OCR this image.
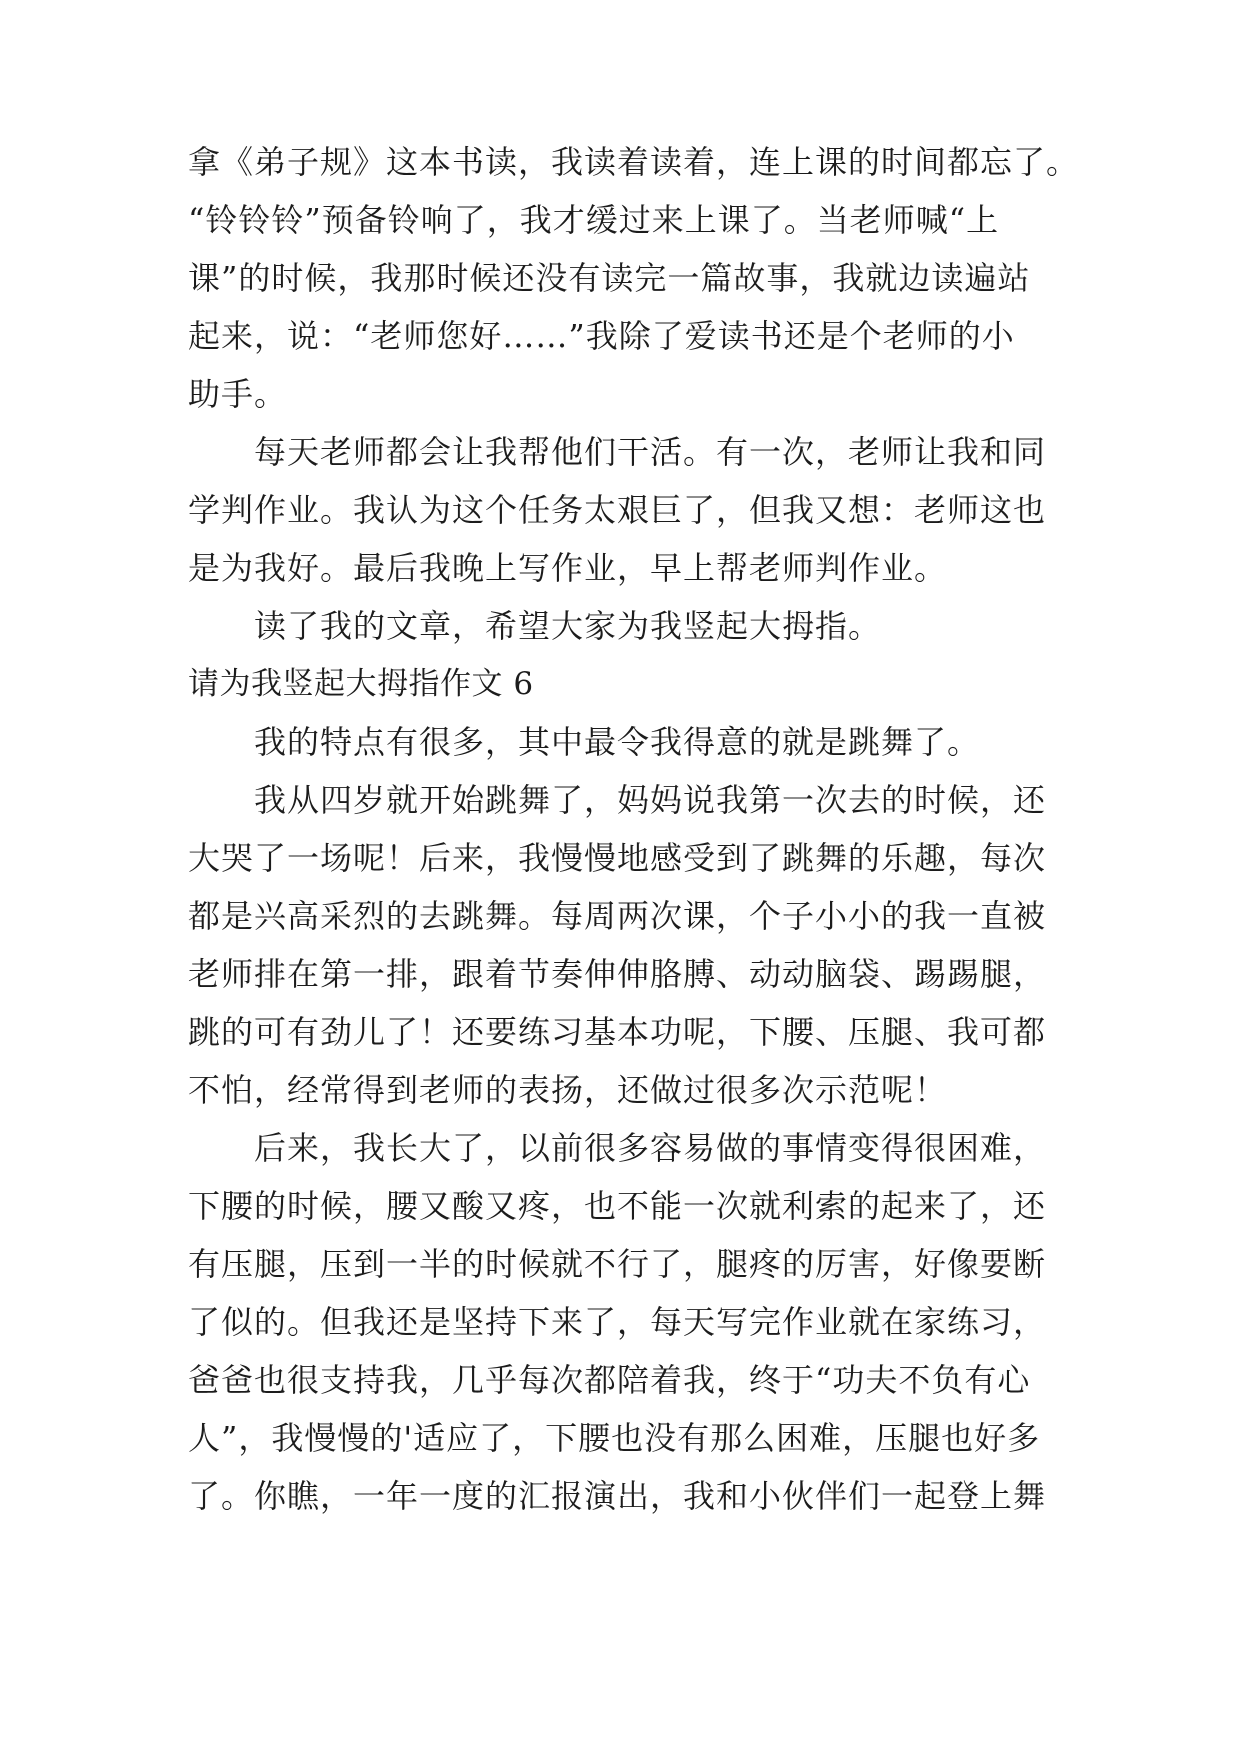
拿《弟子规》这本书读，我读着读着，连上课的时间都忘了。
“铃铃铃”预备铃响了，我才缓过来上课了。当老师喊“上
课”的时候，我那时候还没有读完一篇故事，我就边读遍站
起来，说：“老师您好……”我除了爱读书还是个老师的小
助手。
　　每天老师都会让我帮他们干活。有一次，老师让我和同
学判作业。我认为这个任务太艰巨了，但我又想：老师这也
是为我好。最后我晚上写作业，早上帮老师判作业。
　　读了我的文章，希望大家为我竖起大拇指。
请为我竖起大拇指作文 6
　　我的特点有很多，其中最令我得意的就是跳舞了。
　　我从四岁就开始跳舞了，妈妈说我第一次去的时候，还
大哭了一场呢！后来，我慢慢地感受到了跳舞的乐趣，每次
都是兴高采烈的去跳舞。每周两次课，个子小小的我一直被
老师排在第一排，跟着节奏伸伸胳膊、动动脑袋、踢踢腿，
跳的可有劲儿了！还要练习基本功呢，下腰、压腿、我可都
不怕，经常得到老师的表扬，还做过很多次示范呢！
　　后来，我长大了，以前很多容易做的事情变得很困难，
下腰的时候，腰又酸又疼，也不能一次就利索的起来了，还
有压腿，压到一半的时候就不行了，腿疼的厉害，好像要断
了似的。但我还是坚持下来了，每天写完作业就在家练习，
爸爸也很支持我，几乎每次都陪着我，终于“功夫不负有心
人”，我慢慢的'适应了，下腰也没有那么困难，压腿也好多
了。你瞧，一年一度的汇报演出，我和小伙伴们一起登上舞
